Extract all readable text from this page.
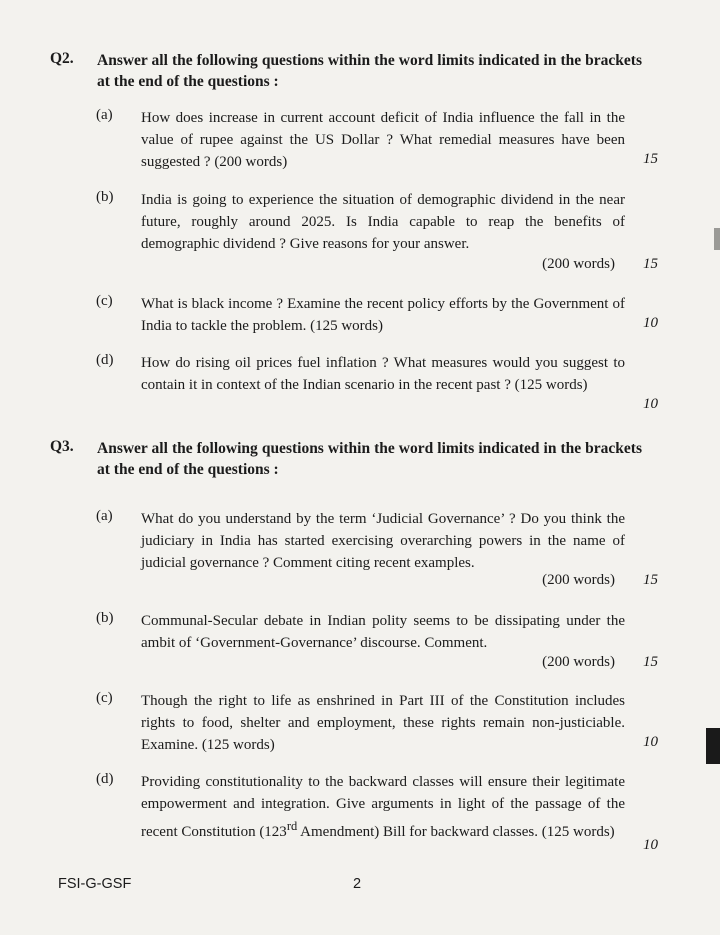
Q2. Answer all the following questions within the word limits indicated in the brackets at the end of the questions :
(a) How does increase in current account deficit of India influence the fall in the value of rupee against the US Dollar ? What remedial measures have been suggested ? (200 words)	15
(b) India is going to experience the situation of demographic dividend in the near future, roughly around 2025. Is India capable to reap the benefits of demographic dividend ? Give reasons for your answer.
(200 words) 15
(c) What is black income ? Examine the recent policy efforts by the Government of India to tackle the problem. (125 words)	10
(d) How do rising oil prices fuel inflation ? What measures would you suggest to contain it in context of the Indian scenario in the recent past ? (125 words)
10
Q3. Answer all the following questions within the word limits indicated in the brackets at the end of the questions :
(a) What do you understand by the term ‘Judicial Governance’ ? Do you think the judiciary in India has started exercising overarching powers in the name of judicial governance ? Comment citing recent examples.
(200 words) 15
(b) Communal-Secular debate in Indian polity seems to be dissipating under the ambit of ‘Government-Governance’ discourse. Comment.
(200 words) 15
(c) Though the right to life as enshrined in Part III of the Constitution includes rights to food, shelter and employment, these rights remain non-justiciable. Examine. (125 words)	10
(d) Providing constitutionality to the backward classes will ensure their legitimate empowerment and integration. Give arguments in light of the passage of the recent Constitution (123rd Amendment) Bill for backward classes. (125 words)
10
FSI-G-GSF	2
